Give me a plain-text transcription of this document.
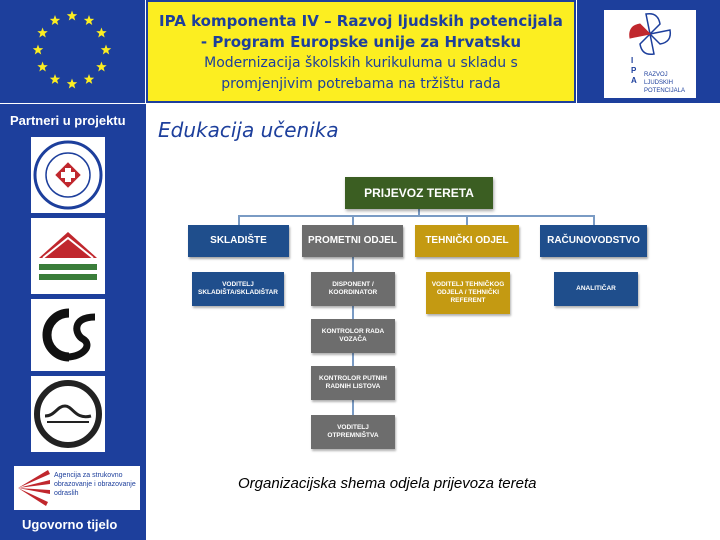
IPA komponenta IV – Razvoj ljudskih potencijala
- Program Europske unije za Hrvatsku
Modernizacija školskih kurikuluma u skladu s
promjenjivim potrebama na tržištu rada
I
P
A
RAZVOJ
LJUDSKIH
POTENCIJALA
Partneri u projektu
Agencija za strukovno obrazovanje i obrazovanje odraslih
Ugovorno tijelo
Edukacija učenika
PRIJEVOZ TERETA
SKLADIŠTE	PROMETNI ODJEL	TEHNIČKI ODJEL	RAČUNOVODSTVO
VODITELJ SKLADIŠTA/SKLADIŠTAR
DISPONENT / KOORDINATOR
KONTROLOR RADA VOZAČA
KONTROLOR PUTNIH RADNIH LISTOVA
VODITELJ OTPREMNIŠTVA
VODITELJ TEHNIČKOG ODJELA / TEHNIČKI REFERENT
ANALITIČAR
Organizacijska shema odjela prijevoza tereta
